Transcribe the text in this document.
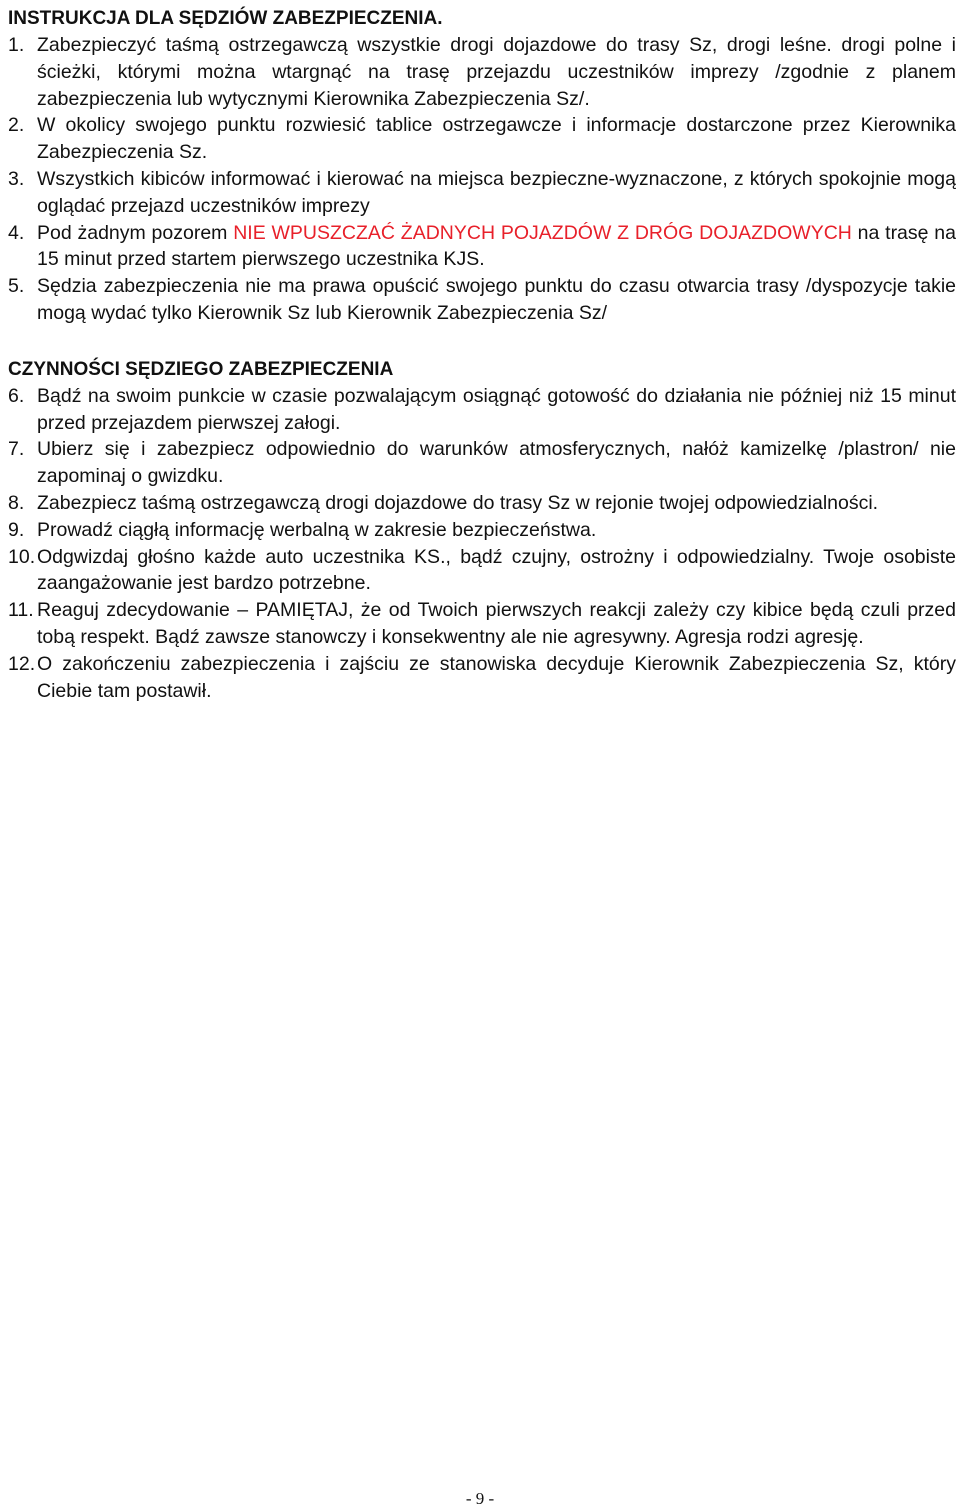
INSTRUKCJA DLA SĘDZIÓW ZABEZPIECZENIA.
1. Zabezpieczyć taśmą ostrzegawczą wszystkie drogi dojazdowe do trasy Sz, drogi leśne. drogi polne i ścieżki, którymi można wtargnąć na trasę przejazdu uczestników imprezy /zgodnie z planem zabezpieczenia lub wytycznymi Kierownika Zabezpieczenia Sz/.
2. W okolicy swojego punktu rozwiesić tablice ostrzegawcze i informacje dostarczone przez Kierownika Zabezpieczenia Sz.
3. Wszystkich kibiców informować i kierować na miejsca bezpieczne-wyznaczone, z których spokojnie mogą oglądać przejazd uczestników imprezy
4. Pod żadnym pozorem NIE WPUSZCZAĆ ŻADNYCH POJAZDÓW Z DRÓG DOJAZDOWYCH na trasę na 15 minut przed startem pierwszego uczestnika KJS.
5. Sędzia zabezpieczenia nie ma prawa opuścić swojego punktu do czasu otwarcia trasy /dyspozycje takie mogą wydać tylko Kierownik Sz lub Kierownik Zabezpieczenia Sz/
CZYNNOŚCI SĘDZIEGO ZABEZPIECZENIA
6. Bądź na swoim punkcie w czasie pozwalającym osiągnąć gotowość do działania nie później niż 15 minut przed przejazdem pierwszej załogi.
7. Ubierz się i zabezpiecz odpowiednio do warunków atmosferycznych, nałóż kamizelkę /plastron/ nie zapominaj o gwizdku.
8. Zabezpiecz taśmą ostrzegawczą drogi dojazdowe do trasy Sz w rejonie twojej odpowiedzialności.
9. Prowadź ciągłą informację werbalną w zakresie bezpieczeństwa.
10. Odgwizdaj głośno każde auto uczestnika KS., bądź czujny, ostrożny i odpowiedzialny. Twoje osobiste zaangażowanie jest bardzo potrzebne.
11. Reaguj zdecydowanie – PAMIĘTAJ, że od Twoich pierwszych reakcji zależy czy kibice będą czuli przed tobą respekt. Bądź zawsze stanowczy i konsekwentny ale nie agresywny. Agresja rodzi agresję.
12. O zakończeniu zabezpieczenia i zajściu ze stanowiska decyduje Kierownik Zabezpieczenia Sz, który Ciebie tam postawił.
- 9 -
